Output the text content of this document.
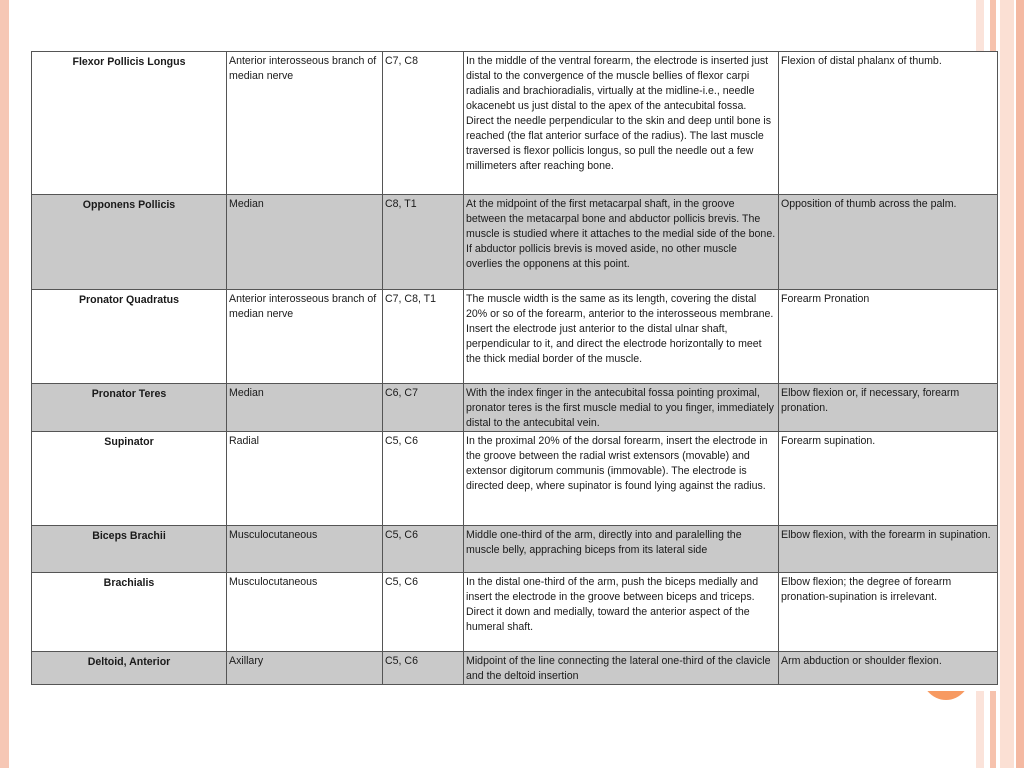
Flexor Pollicis Longus	Anterior interosseous branch of median nerve	C7, C8	In the middle of the ventral forearm, the electrode is inserted just distal to the convergence of the muscle bellies of flexor carpi radialis and brachioradialis, virtually at the midline-i.e., needle okacenebt us just distal to the apex of the antecubital fossa. Direct the needle perpendicular to the skin and deep until bone is reached (the flat anterior surface of the radius). The last muscle traversed is flexor pollicis longus, so pull the needle out a few millimeters after reaching bone.	Flexion of distal phalanx of thumb.
Opponens Pollicis	Median	C8, T1	At the midpoint of the first metacarpal shaft, in the groove between the metacarpal bone and abductor pollicis brevis. The muscle is studied where it attaches to the medial side of the bone. If abductor pollicis brevis is moved aside, no other muscle overlies the opponens at this point.	Opposition of thumb across the palm.
Pronator Quadratus	Anterior interosseous branch of median nerve	C7, C8, T1	The muscle width is the same as its length, covering the distal 20% or so of the forearm, anterior to the interosseous membrane. Insert the electrode just anterior to the distal ulnar shaft, perpendicular to it, and direct the electrode horizontally to meet the thick medial border of the muscle.	Forearm Pronation
Pronator Teres	Median	C6, C7	With the index finger in the antecubital fossa pointing proximal, pronator teres is the first muscle medial to you finger, immediately distal to the antecubital vein.	Elbow flexion or, if necessary, forearm pronation.
Supinator	Radial	C5, C6	In the proximal 20% of the dorsal forearm, insert the electrode in the groove between the radial wrist extensors (movable) and extensor digitorum communis (immovable). The electrode is directed deep, where supinator is found lying against the radius.	Forearm supination.
Biceps Brachii	Musculocutaneous	C5, C6	Middle one-third of the arm, directly into and paralelling the muscle belly, appraching biceps from its lateral side	Elbow flexion, with the forearm in supination.
Brachialis	Musculocutaneous	C5, C6	In the distal one-third of the arm, push the biceps medially and insert the electrode in the groove between biceps and triceps. Direct it down and medially, toward the anterior aspect of the humeral shaft.	Elbow flexion; the degree of forearm pronation-supination is irrelevant.
Deltoid, Anterior	Axillary	C5, C6	Midpoint of the line connecting the lateral one-third of the clavicle and the deltoid insertion	Arm abduction or shoulder flexion.
